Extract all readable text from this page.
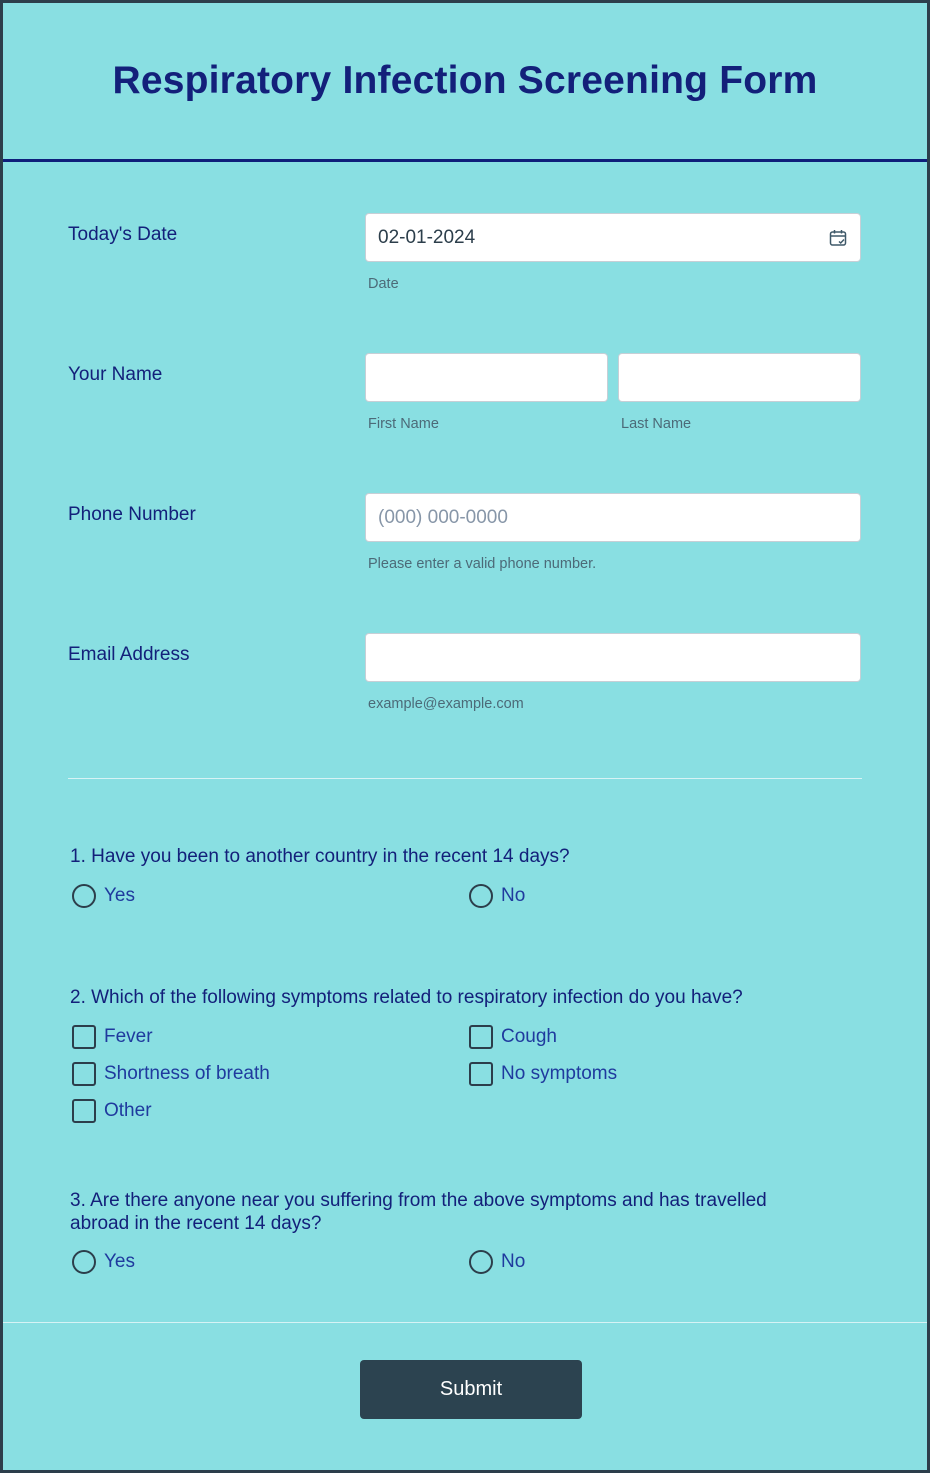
Respiratory Infection Screening Form
Today's Date
02-01-2024
Date
Your Name
First Name	Last Name
Phone Number
(000) 000-0000
Please enter a valid phone number.
Email Address
example@example.com
1. Have you been to another country in the recent 14 days?
Yes	No
2. Which of the following symptoms related to respiratory infection do you have?
Fever	Cough
Shortness of breath	No symptoms
Other
3. Are there anyone near you suffering from the above symptoms and has travelled abroad in the recent 14 days?
Yes	No
Submit
